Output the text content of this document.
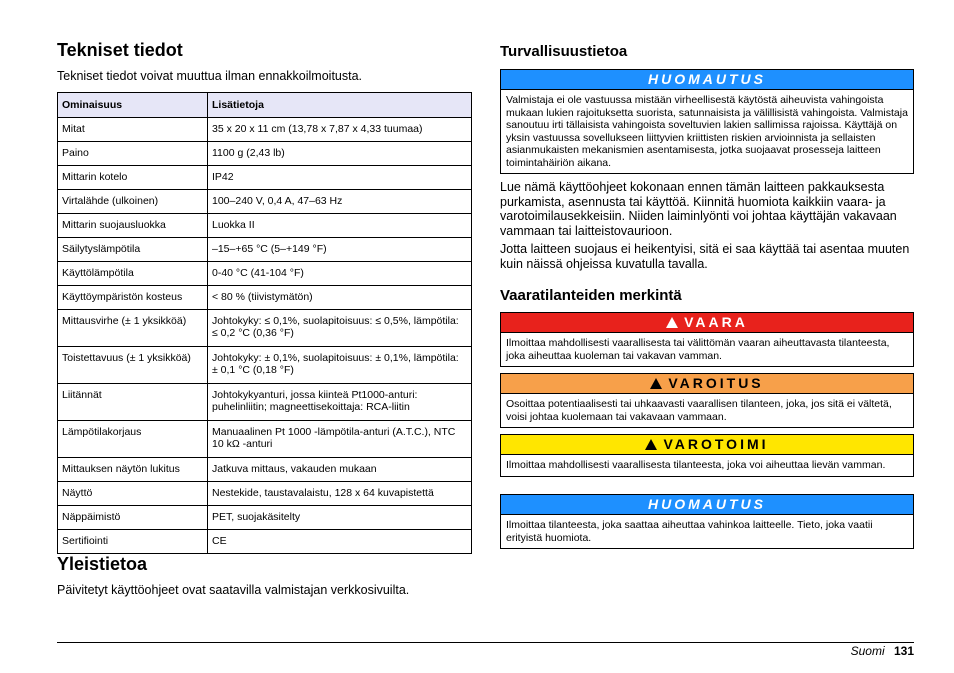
Tekniset tiedot

Tekniset tiedot voivat muuttua ilman ennakkoilmoitusta.

Ominaisuus	Lisätietoja
Mitat	35 x 20 x 11 cm (13,78 x 7,87 x 4,33 tuumaa)
Paino	1100 g (2,43 lb)
Mittarin kotelo	IP42
Virtalähde (ulkoinen)	100–240 V, 0,4 A, 47–63 Hz
Mittarin suojausluokka	Luokka II
Säilytyslämpötila	–15–+65 °C (5–+149 °F)
Käyttölämpötila	0-40 °C (41-104 °F)
Käyttöympäristön kosteus	< 80 % (tiivistymätön)
Mittausvirhe (± 1 yksikköä)	Johtokyky: ≤ 0,1%, suolapitoisuus: ≤ 0,5%, lämpötila: ≤ 0,2 °C (0,36 °F)
Toistettavuus (± 1 yksikköä)	Johtokyky: ± 0,1%, suolapitoisuus: ± 0,1%, lämpötila: ± 0,1 °C (0,18 °F)
Liitännät	Johtokykyanturi, jossa kiinteä Pt1000-anturi: puhelinliitin; magneettisekoittaja: RCA-liitin
Lämpötilakorjaus	Manuaalinen Pt 1000 -lämpötila-anturi (A.T.C.), NTC 10 kΩ -anturi
Mittauksen näytön lukitus	Jatkuva mittaus, vakauden mukaan
Näyttö	Nestekide, taustavalaistu, 128 x 64 kuvapistettä
Näppäimistö	PET, suojakäsitelty
Sertifiointi	CE
Yleistietoa

Päivitetyt käyttöohjeet ovat saatavilla valmistajan verkkosivuilta.

Turvallisuustietoa
HUOMAUTUS
Valmistaja ei ole vastuussa mistään virheellisestä käytöstä aiheuvista vahingoista mukaan lukien rajoituksetta suorista, satunnaisista ja välillisistä vahingoista. Valmistaja sanoutuu irti tällaisista vahingoista soveltuvien lakien sallimissa rajoissa. Käyttäjä on yksin vastuussa sovellukseen liittyvien kriittisten riskien arvioinnista ja sellaisten asianmukaisten mekanismien asentamisesta, jotka suojaavat prosesseja laitteen toimintahäiriön aikana.

Lue nämä käyttöohjeet kokonaan ennen tämän laitteen pakkauksesta purkamista, asennusta tai käyttöä. Kiinnitä huomiota kaikkiin vaara- ja varotoimilausekkeisiin. Niiden laiminlyönti voi johtaa käyttäjän vakavaan vammaan tai laitteistovaurioon.

Jotta laitteen suojaus ei heikentyisi, sitä ei saa käyttää tai asentaa muuten kuin näissä ohjeissa kuvatulla tavalla.

Vaaratilanteiden merkintä
!VAARA
Ilmoittaa mahdollisesti vaarallisesta tai välittömän vaaran aiheuttavasta tilanteesta, joka aiheuttaa kuoleman tai vakavan vamman.
!VAROITUS
Osoittaa potentiaalisesti tai uhkaavasti vaarallisen tilanteen, joka, jos sitä ei vältetä, voisi johtaa kuolemaan tai vakavaan vammaan.
!VAROTOIMI
Ilmoittaa mahdollisesti vaarallisesta tilanteesta, joka voi aiheuttaa lievän vamman.
HUOMAUTUS
Ilmoittaa tilanteesta, joka saattaa aiheuttaa vahinkoa laitteelle. Tieto, joka vaatii erityistä huomiota.
Suomi 131
